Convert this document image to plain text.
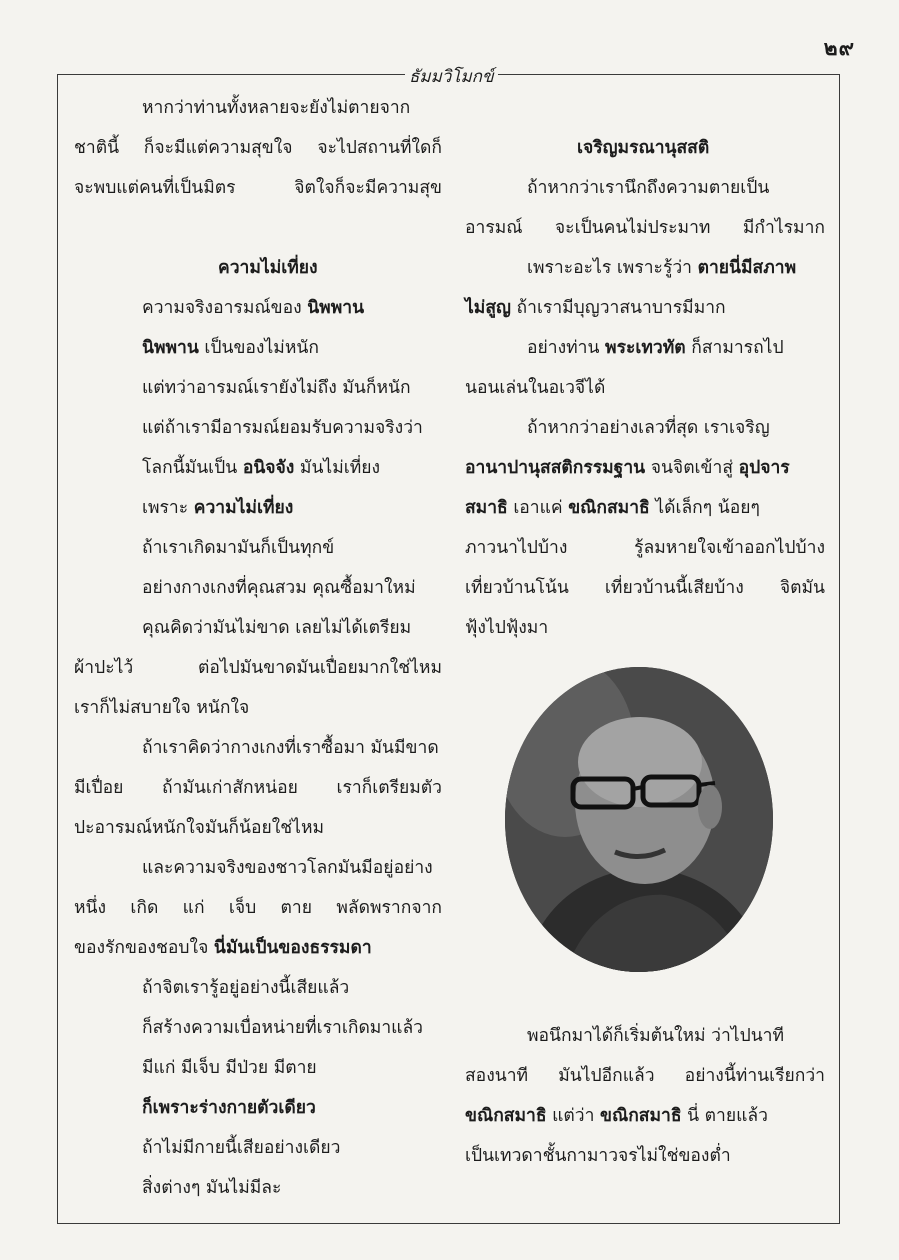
๒๙
ธัมมวิโมกข์
หากว่าท่านทั้งหลายจะยังไม่ตายจาก
ชาตินี้ ก็จะมีแต่ความสุขใจ จะไปสถานที่ใดก็
จะพบแต่คนที่เป็นมิตร จิตใจก็จะมีความสุข
ความไม่เที่ยง
ความจริงอารมณ์ของ นิพพาน
นิพพาน เป็นของไม่หนัก
แต่ทว่าอารมณ์เรายังไม่ถึง มันก็หนัก
แต่ถ้าเรามีอารมณ์ยอมรับความจริงว่า
โลกนี้มันเป็น อนิจจัง มันไม่เที่ยง
เพราะ ความไม่เที่ยง
ถ้าเราเกิดมามันก็เป็นทุกข์
อย่างกางเกงที่คุณสวม คุณซื้อมาใหม่
คุณคิดว่ามันไม่ขาด เลยไม่ได้เตรียม
ผ้าปะไว้ ต่อไปมันขาดมันเปื่อยมากใช่ไหม
เราก็ไม่สบายใจ หนักใจ
ถ้าเราคิดว่ากางเกงที่เราซื้อมา มันมีขาด
มีเปื่อย ถ้ามันเก่าสักหน่อย เราก็เตรียมตัว
ปะอารมณ์หนักใจมันก็น้อยใช่ไหม
และความจริงของชาวโลกมันมีอยู่อย่าง
หนึ่ง เกิด แก่ เจ็บ ตาย พลัดพรากจาก
ของรักของชอบใจ นี่มันเป็นของธรรมดา
ถ้าจิตเรารู้อยู่อย่างนี้เสียแล้ว
ก็สร้างความเบื่อหน่ายที่เราเกิดมาแล้ว
มีแก่ มีเจ็บ มีป่วย มีตาย
ก็เพราะร่างกายตัวเดียว
ถ้าไม่มีกายนี้เสียอย่างเดียว
สิ่งต่างๆ มันไม่มีละ
เจริญมรณานุสสติ
ถ้าหากว่าเรานึกถึงความตายเป็น
อารมณ์ จะเป็นคนไม่ประมาท มีกำไรมาก
เพราะอะไร เพราะรู้ว่า ตายนี่มีสภาพ
ไม่สูญ ถ้าเรามีบุญวาสนาบารมีมาก
อย่างท่าน พระเทวทัต ก็สามารถไป
นอนเล่นในอเวจีได้
ถ้าหากว่าอย่างเลวที่สุด เราเจริญ
อานาปานุสสติกรรมฐาน จนจิตเข้าสู่ อุปจาร
สมาธิ เอาแค่ ขณิกสมาธิ ได้เล็กๆ น้อยๆ
ภาวนาไปบ้าง รู้ลมหายใจเข้าออกไปบ้าง
เที่ยวบ้านโน้น เที่ยวบ้านนี้เสียบ้าง จิตมัน
ฟุ้งไปฟุ้งมา
พอนึกมาได้ก็เริ่มต้นใหม่ ว่าไปนาที
สองนาที มันไปอีกแล้ว อย่างนี้ท่านเรียกว่า
ขณิกสมาธิ แต่ว่า ขณิกสมาธิ นี่ ตายแล้ว
เป็นเทวดาชั้นกามาวจรไม่ใช่ของต่ำ
